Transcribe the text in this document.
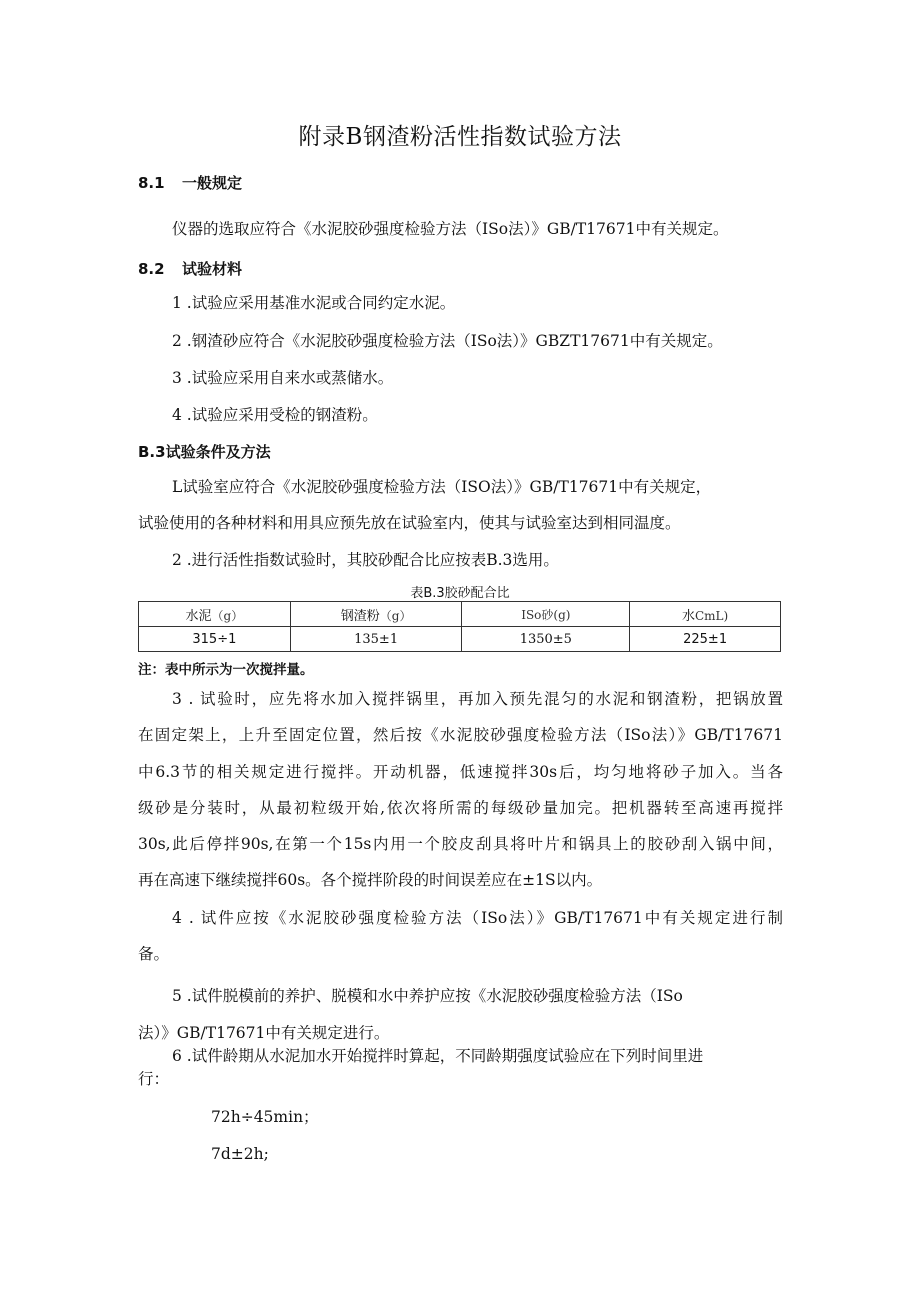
附录B钢渣粉活性指数试验方法
8.1 一般规定
仪器的选取应符合《水泥胶砂强度检验方法（ISo法）》GB/T17671中有关规定。
8.2 试验材料
1 .试验应采用基准水泥或合同约定水泥。
2 .钢渣砂应符合《水泥胶砂强度检验方法（ISo法）》GBZT17671中有关规定。
3 .试验应采用自来水或蒸储水。
4 .试验应采用受检的钢渣粉。
B.3试验条件及方法
L试验室应符合《水泥胶砂强度检验方法（ISO法）》GB/T17671中有关规定，
试验使用的各种材料和用具应预先放在试验室内，使其与试验室达到相同温度。
2 .进行活性指数试验时，其胶砂配合比应按表B.3选用。
表B.3胶砂配合比
水泥（g）	钢渣粉（g）	ISo砂(g)	水CmL)
315÷1	135±1	1350±5	225±1
注：表中所示为一次搅拌量。
3 . 试验时，应先将水加入搅拌锅里，再加入预先混匀的水泥和钢渣粉，把锅放置
在固定架上，上升至固定位置，然后按《水泥胶砂强度检验方法（ISo法）》GB/T17671
中6.3节的相关规定进行搅拌。开动机器，低速搅拌30s后，均匀地将砂子加入。当各
级砂是分装时，从最初粒级开始,依次将所需的每级砂量加完。把机器转至高速再搅拌
30s,此后停拌90s,在第一个15s内用一个胶皮刮具将叶片和锅具上的胶砂刮入锅中间，
再在高速下继续搅拌60s。各个搅拌阶段的时间误差应在±1S以内。
4 . 试件应按《水泥胶砂强度检验方法（ISo法）》GB/T17671中有关规定进行制
备。
5 .试件脱模前的养护、脱模和水中养护应按《水泥胶砂强度检验方法（ISo
法）》GB/T17671中有关规定进行。
6 .试件龄期从水泥加水开始搅拌时算起，不同龄期强度试验应在下列时间里进
行：
72h÷45min；
7d±2h;
